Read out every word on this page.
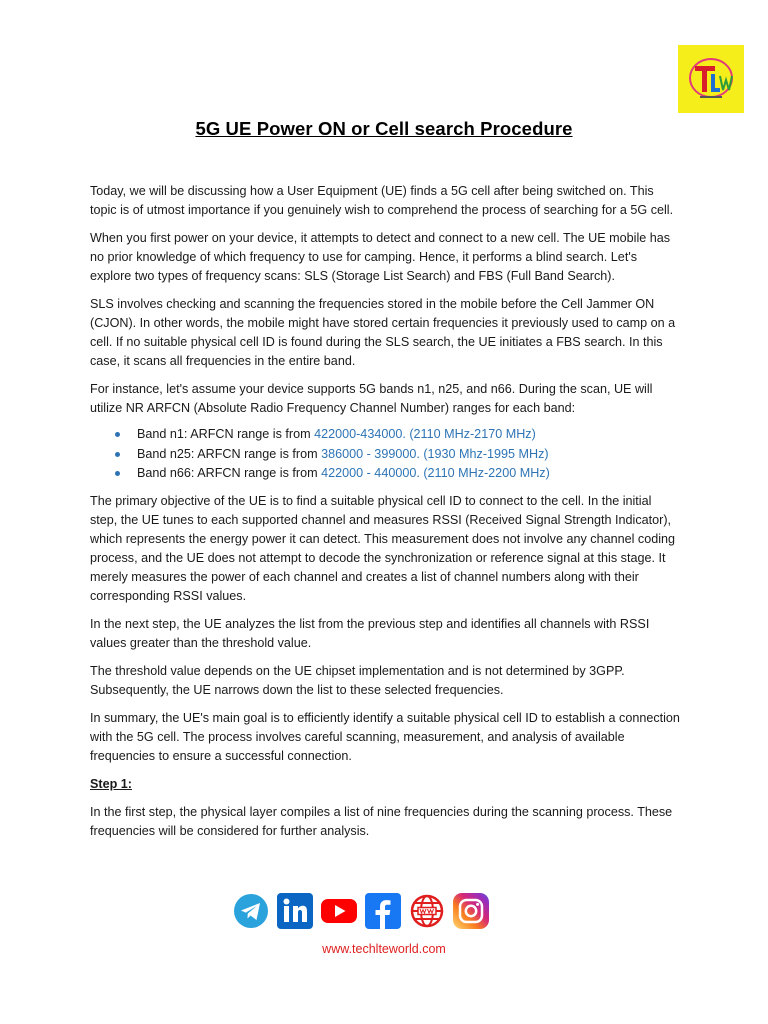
5G UE Power ON or Cell search Procedure

Today, we will be discussing how a User Equipment (UE) finds a 5G cell after being switched on. This topic is of utmost importance if you genuinely wish to comprehend the process of searching for a 5G cell.

When you first power on your device, it attempts to detect and connect to a new cell. The UE mobile has no prior knowledge of which frequency to use for camping. Hence, it performs a blind search. Let's explore two types of frequency scans: SLS (Storage List Search) and FBS (Full Band Search).

SLS involves checking and scanning the frequencies stored in the mobile before the Cell Jammer ON (CJON). In other words, the mobile might have stored certain frequencies it previously used to camp on a cell. If no suitable physical cell ID is found during the SLS search, the UE initiates a FBS search. In this case, it scans all frequencies in the entire band.

For instance, let's assume your device supports 5G bands n1, n25, and n66. During the scan, UE will utilize NR ARFCN (Absolute Radio Frequency Channel Number) ranges for each band:

Band n1: ARFCN range is from 422000-434000. (2110 MHz-2170 MHz)
Band n25: ARFCN range is from 386000 - 399000. (1930 Mhz-1995 MHz)
Band n66: ARFCN range is from 422000 - 440000. (2110 MHz-2200 MHz)

The primary objective of the UE is to find a suitable physical cell ID to connect to the cell. In the initial step, the UE tunes to each supported channel and measures RSSI (Received Signal Strength Indicator), which represents the energy power it can detect. This measurement does not involve any channel coding process, and the UE does not attempt to decode the synchronization or reference signal at this stage. It merely measures the power of each channel and creates a list of channel numbers along with their corresponding RSSI values.

In the next step, the UE analyzes the list from the previous step and identifies all channels with RSSI values greater than the threshold value.

The threshold value depends on the UE chipset implementation and is not determined by 3GPP. Subsequently, the UE narrows down the list to these selected frequencies.

In summary, the UE's main goal is to efficiently identify a suitable physical cell ID to establish a connection with the 5G cell. The process involves careful scanning, measurement, and analysis of available frequencies to ensure a successful connection.

Step 1:

In the first step, the physical layer compiles a list of nine frequencies during the scanning process. These frequencies will be considered for further analysis.

www.techlteworld.com
